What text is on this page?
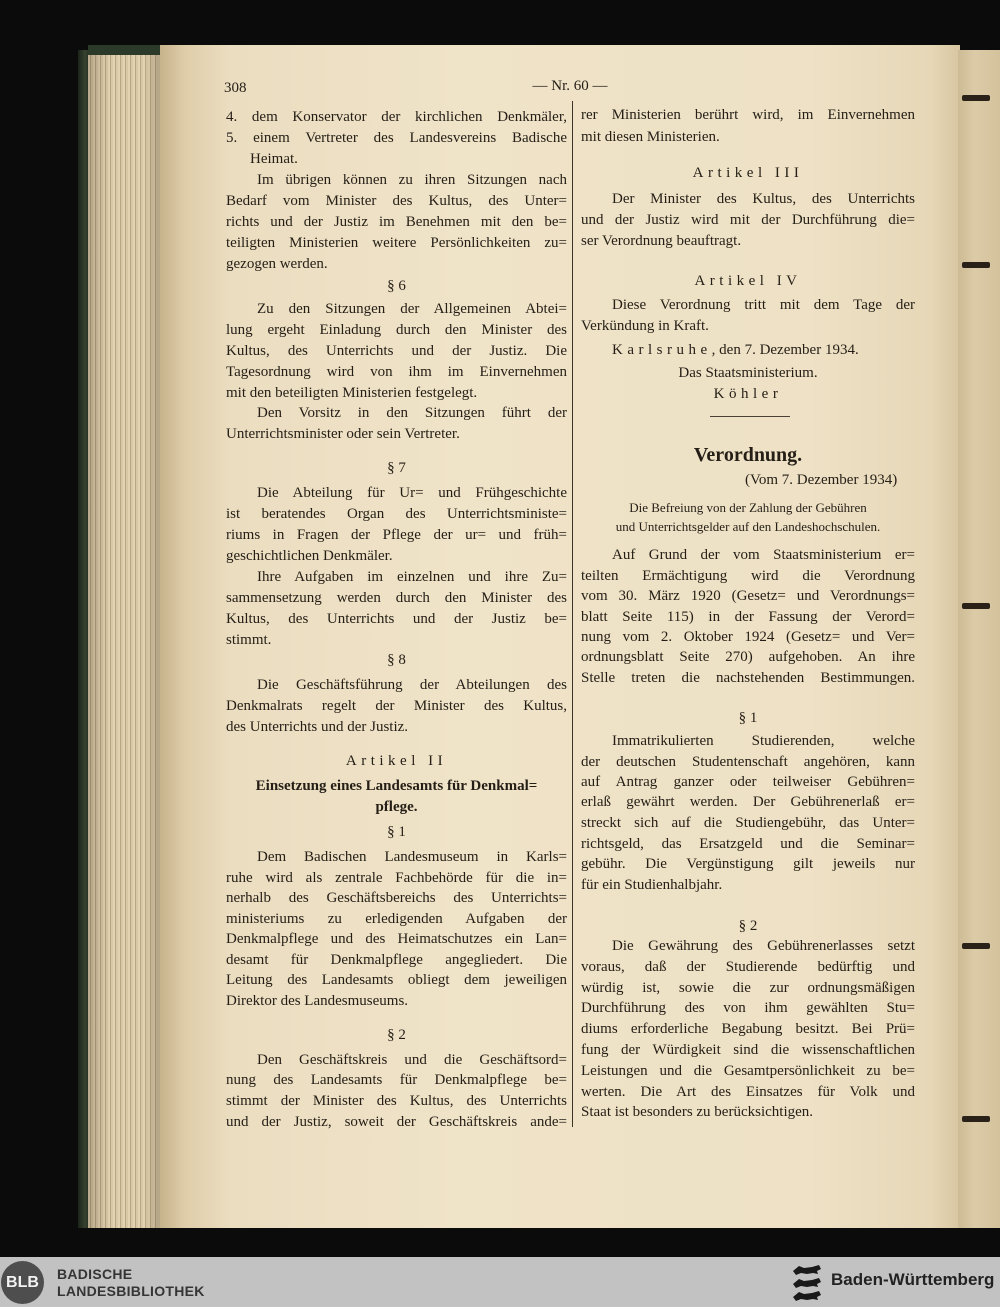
308	— Nr. 60 —
4. dem Konservator der kirchlichen Denkmäler,
5. einem Vertreter des Landesvereins Badische
Heimat.
Im übrigen können zu ihren Sitzungen nach
Bedarf vom Minister des Kultus, des Unter=
richts und der Justiz im Benehmen mit den be=
teiligten Ministerien weitere Persönlichkeiten zu=
gezogen werden.
§ 6
Zu den Sitzungen der Allgemeinen Abtei=
lung ergeht Einladung durch den Minister des
Kultus, des Unterrichts und der Justiz. Die
Tagesordnung wird von ihm im Einvernehmen
mit den beteiligten Ministerien festgelegt.
Den Vorsitz in den Sitzungen führt der
Unterrichtsminister oder sein Vertreter.
§ 7
Die Abteilung für Ur= und Frühgeschichte
ist beratendes Organ des Unterrichtsministe=
riums in Fragen der Pflege der ur= und früh=
geschichtlichen Denkmäler.
Ihre Aufgaben im einzelnen und ihre Zu=
sammensetzung werden durch den Minister des
Kultus, des Unterrichts und der Justiz be=
stimmt.
§ 8
Die Geschäftsführung der Abteilungen des
Denkmalrats regelt der Minister des Kultus,
des Unterrichts und der Justiz.
Artikel II
Einsetzung eines Landesamts für Denkmal=
pflege.
§ 1
Dem Badischen Landesmuseum in Karls=
ruhe wird als zentrale Fachbehörde für die in=
nerhalb des Geschäftsbereichs des Unterrichts=
ministeriums zu erledigenden Aufgaben der
Denkmalpflege und des Heimatschutzes ein Lan=
desamt für Denkmalpflege angegliedert. Die
Leitung des Landesamts obliegt dem jeweiligen
Direktor des Landesmuseums.
§ 2
Den Geschäftskreis und die Geschäftsord=
nung des Landesamts für Denkmalpflege be=
stimmt der Minister des Kultus, des Unterrichts
und der Justiz, soweit der Geschäftskreis ande=
rer Ministerien berührt wird, im Einvernehmen
mit diesen Ministerien.
Artikel III
Der Minister des Kultus, des Unterrichts
und der Justiz wird mit der Durchführung die=
ser Verordnung beauftragt.
Artikel IV
Diese Verordnung tritt mit dem Tage der
Verkündung in Kraft.
Karlsruhe, den 7. Dezember 1934.
Das Staatsministerium.
Köhler
Verordnung.
(Vom 7. Dezember 1934)
Die Befreiung von der Zahlung der Gebühren
und Unterrichtsgelder auf den Landeshochschulen.
Auf Grund der vom Staatsministerium er=
teilten Ermächtigung wird die Verordnung
vom 30. März 1920 (Gesetz= und Verordnungs=
blatt Seite 115) in der Fassung der Verord=
nung vom 2. Oktober 1924 (Gesetz= und Ver=
ordnungsblatt Seite 270) aufgehoben. An ihre
Stelle treten die nachstehenden Bestimmungen.
§ 1
Immatrikulierten Studierenden, welche
der deutschen Studentenschaft angehören, kann
auf Antrag ganzer oder teilweiser Gebühren=
erlaß gewährt werden. Der Gebührenerlaß er=
streckt sich auf die Studiengebühr, das Unter=
richtsgeld, das Ersatzgeld und die Seminar=
gebühr. Die Vergünstigung gilt jeweils nur
für ein Studienhalbjahr.
§ 2
Die Gewährung des Gebührenerlasses setzt
voraus, daß der Studierende bedürftig und
würdig ist, sowie die zur ordnungsmäßigen
Durchführung des von ihm gewählten Stu=
diums erforderliche Begabung besitzt. Bei Prü=
fung der Würdigkeit sind die wissenschaftlichen
Leistungen und die Gesamtpersönlichkeit zu be=
werten. Die Art des Einsatzes für Volk und
Staat ist besonders zu berücksichtigen.
BLB	BADISCHE
LANDESBIBLIOTHEK
Baden-Württemberg
